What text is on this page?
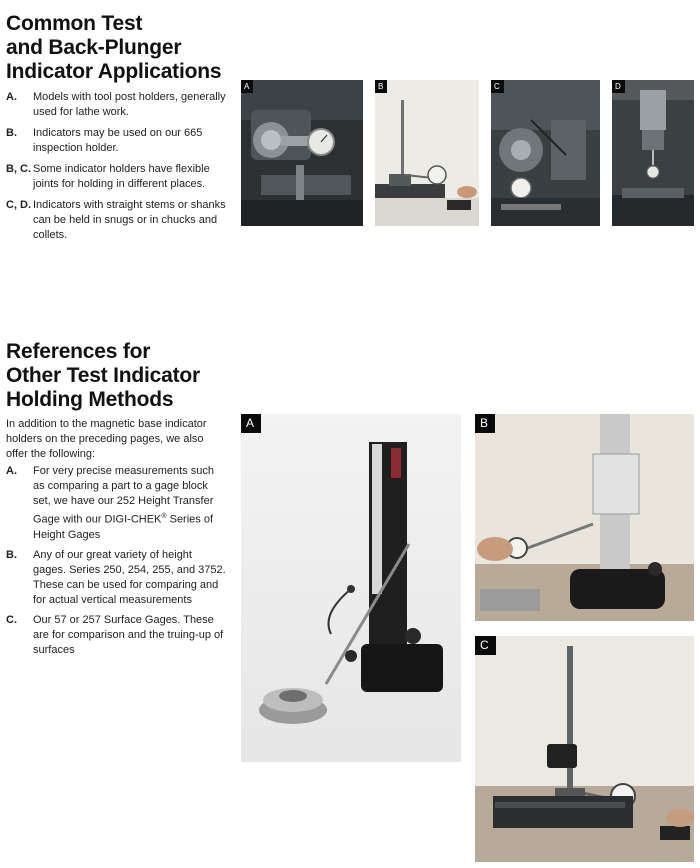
Common Test
and Back-Plunger
Indicator Applications
A.	Models with tool post holders, generally used for lathe work.
B.	Indicators may be used on our 665 inspection holder.
B, C. Some indicator holders have flexible joints for holding in different places.
C, D. Indicators with straight stems or shanks can be held in snugs or in chucks and collets.
A	B	C	D
References for
Other Test Indicator
Holding Methods
In addition to the magnetic base indicator holders on the preceding pages, we also offer the following:
A.	For very precise measurements such as comparing a part to a gage block set, we have our 252 Height Transfer Gage with our DIGI-CHEK® Series of Height Gages
B.	Any of our great variety of height gages. Series 250, 254, 255, and 3752. These can be used for comparing and for actual vertical measurements
C.	Our 57 or 257 Surface Gages. These are for comparison and the truing-up of surfaces
A	B
C
